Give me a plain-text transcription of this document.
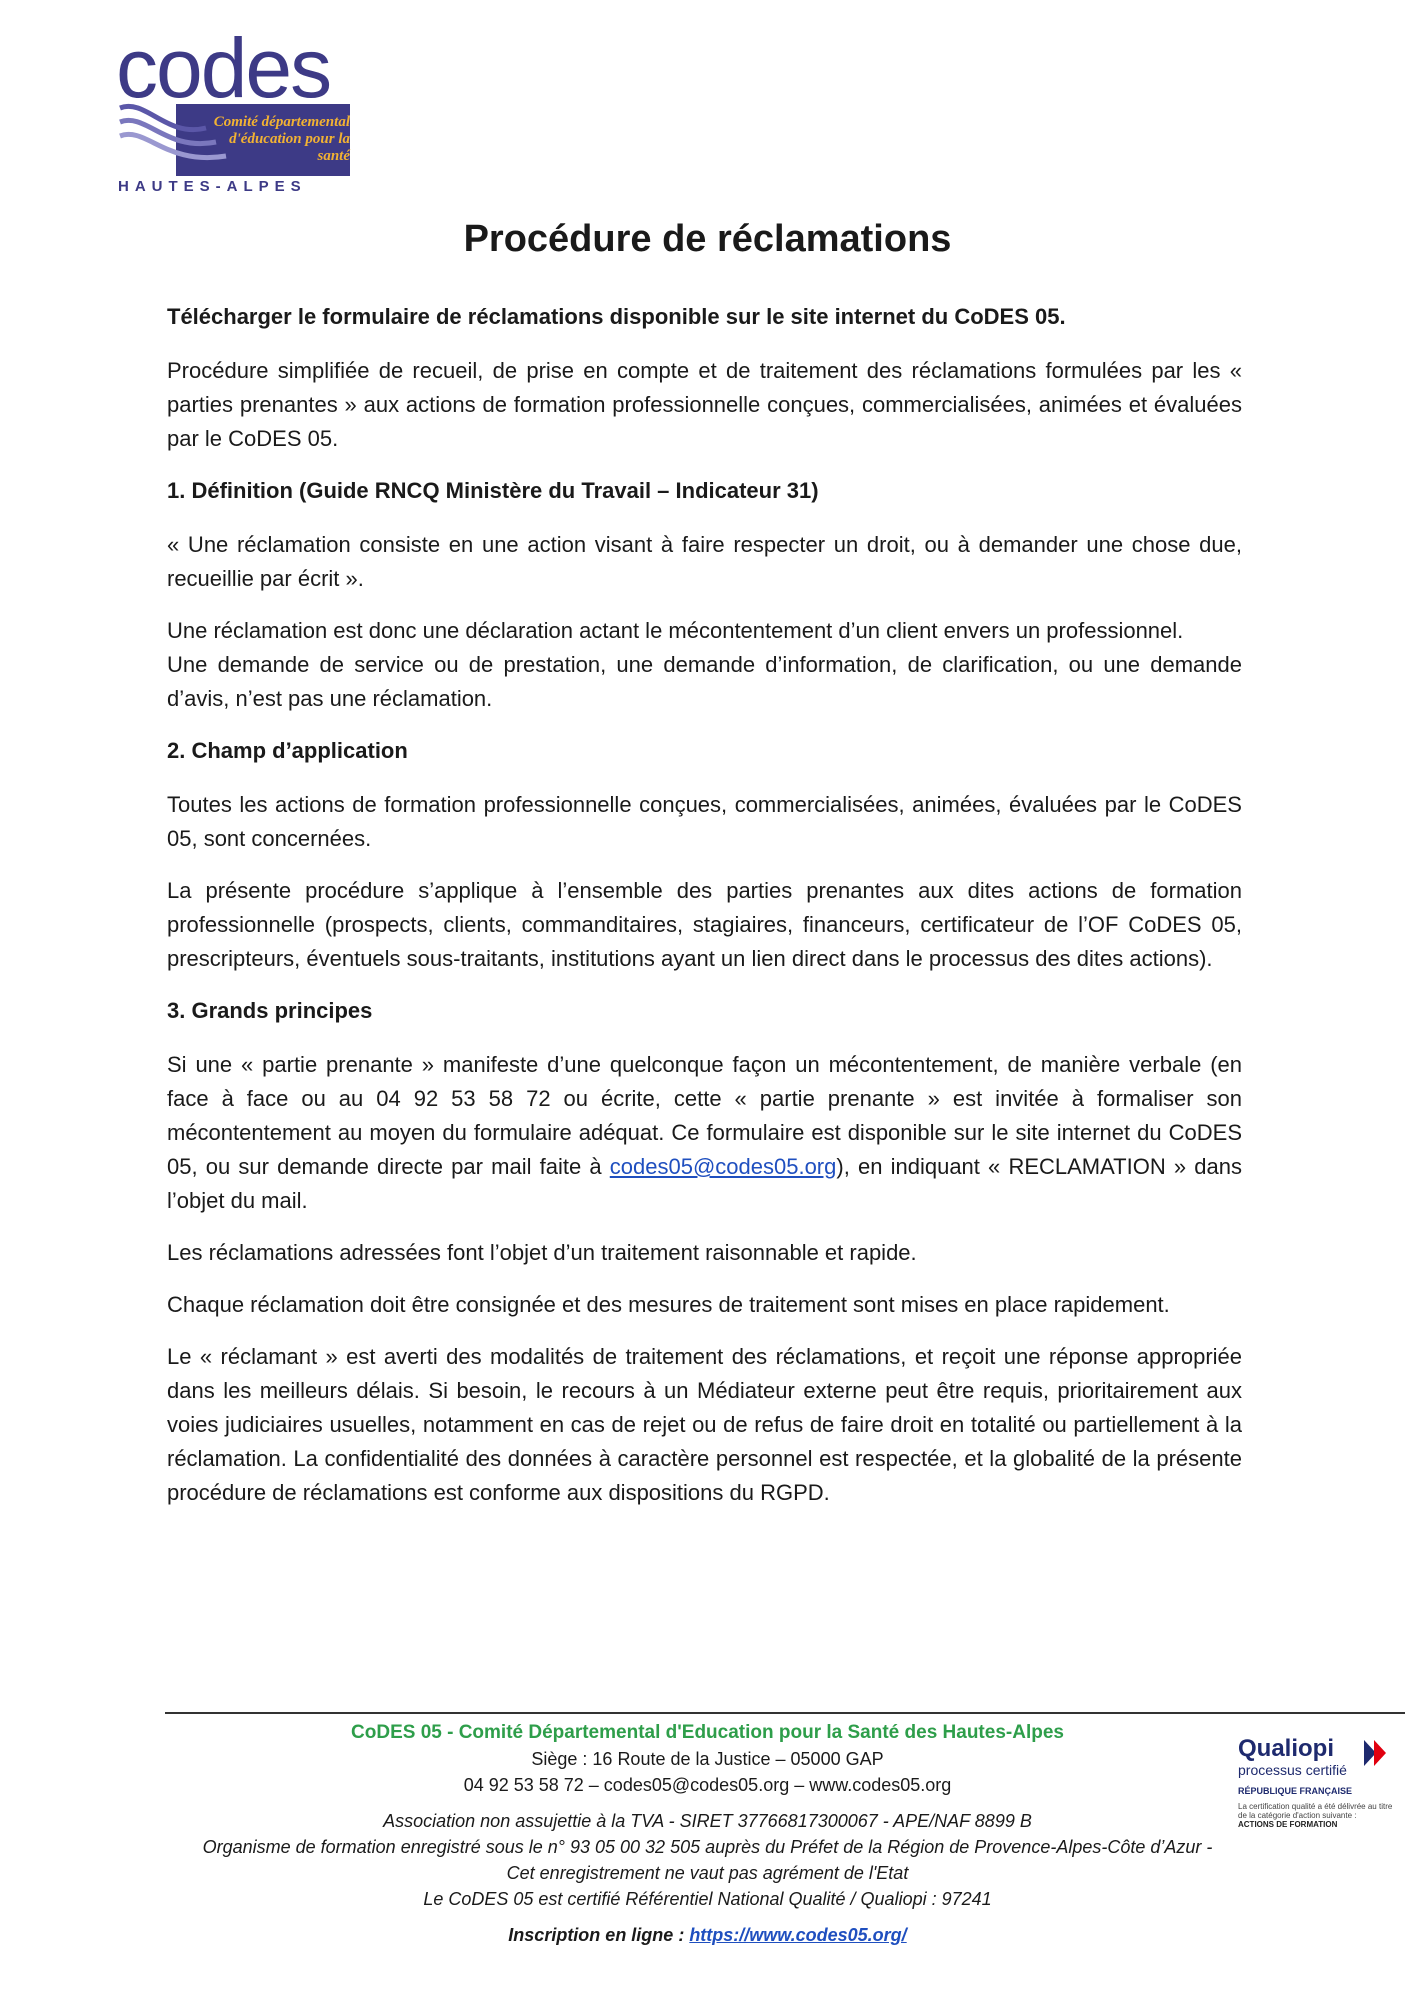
codes
Comité départemental
d'éducation pour la santé
HAUTES-ALPES
Procédure de réclamations

Télécharger le formulaire de réclamations disponible sur le site internet du CoDES 05.

Procédure simplifiée de recueil, de prise en compte et de traitement des réclamations formulées par les « parties prenantes » aux actions de formation professionnelle conçues, commercialisées, animées et évaluées par le CoDES 05.

1. Définition (Guide RNCQ Ministère du Travail – Indicateur 31)

« Une réclamation consiste en une action visant à faire respecter un droit, ou à demander une chose due, recueillie par écrit ».

Une réclamation est donc une déclaration actant le mécontentement d’un client envers un professionnel.

Une demande de service ou de prestation, une demande d’information, de clarification, ou une demande d’avis, n’est pas une réclamation.

2. Champ d’application

Toutes les actions de formation professionnelle conçues, commercialisées, animées, évaluées par le CoDES 05, sont concernées.

La présente procédure s’applique à l’ensemble des parties prenantes aux dites actions de formation professionnelle (prospects, clients, commanditaires, stagiaires, financeurs, certificateur de l’OF CoDES 05, prescripteurs, éventuels sous-traitants, institutions ayant un lien direct dans le processus des dites actions).

3. Grands principes

Si une « partie prenante » manifeste d’une quelconque façon un mécontentement, de manière verbale (en face à face ou au 04 92 53 58 72 ou écrite, cette « partie prenante » est invitée à formaliser son mécontentement au moyen du formulaire adéquat. Ce formulaire est disponible sur le site internet du CoDES 05, ou sur demande directe par mail faite à codes05@codes05.org), en indiquant « RECLAMATION » dans l’objet du mail.

Les réclamations adressées font l’objet d’un traitement raisonnable et rapide.

Chaque réclamation doit être consignée et des mesures de traitement sont mises en place rapidement.

Le « réclamant » est averti des modalités de traitement des réclamations, et reçoit une réponse appropriée dans les meilleurs délais. Si besoin, le recours à un Médiateur externe peut être requis, prioritairement aux voies judiciaires usuelles, notamment en cas de rejet ou de refus de faire droit en totalité ou partiellement à la réclamation. La confidentialité des données à caractère personnel est respectée, et la globalité de la présente procédure de réclamations est conforme aux dispositions du RGPD.

CoDES 05 - Comité Départemental d'Education pour la Santé des Hautes-Alpes
Siège : 16 Route de la Justice – 05000 GAP
04 92 53 58 72 – codes05@codes05.org – www.codes05.org
Association non assujettie à la TVA - SIRET 37766817300067 - APE/NAF 8899 B
Organisme de formation enregistré sous le n° 93 05 00 32 505 auprès du Préfet de la Région de Provence-Alpes-Côte d’Azur -
Cet enregistrement ne vaut pas agrément de l'Etat
Le CoDES 05 est certifié Référentiel National Qualité / Qualiopi : 97241
Inscription en ligne : https://www.codes05.org/
Qualiopi
processus certifié
RÉPUBLIQUE FRANÇAISE
La certification qualité a été délivrée au titre de la catégorie d'action suivante :
ACTIONS DE FORMATION
